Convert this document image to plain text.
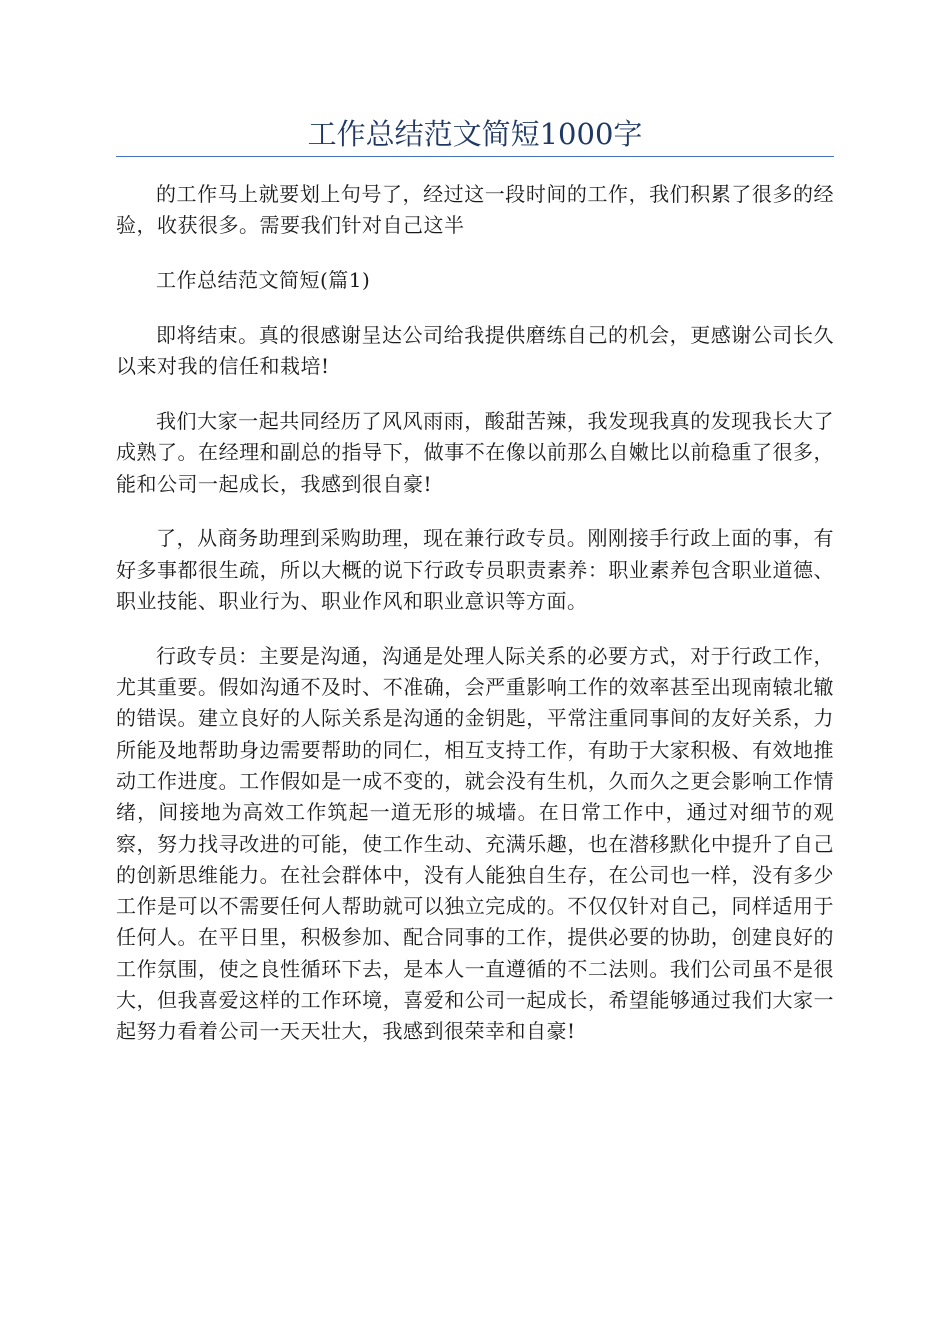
工作总结范文简短1000字

的工作马上就要划上句号了，经过这一段时间的工作，我们积累了很多的经验，收获很多。需要我们针对自己这半

工作总结范文简短(篇1)

即将结束。真的很感谢呈达公司给我提供磨练自己的机会，更感谢公司长久以来对我的信任和栽培!

我们大家一起共同经历了风风雨雨，酸甜苦辣，我发现我真的发现我长大了成熟了。在经理和副总的指导下，做事不在像以前那么自嫩比以前稳重了很多，能和公司一起成长，我感到很自豪!

了，从商务助理到采购助理，现在兼行政专员。刚刚接手行政上面的事，有好多事都很生疏，所以大概的说下行政专员职责素养：职业素养包含职业道德、职业技能、职业行为、职业作风和职业意识等方面。

行政专员：主要是沟通，沟通是处理人际关系的必要方式，对于行政工作，尤其重要。假如沟通不及时、不准确，会严重影响工作的效率甚至出现南辕北辙的错误。建立良好的人际关系是沟通的金钥匙，平常注重同事间的友好关系，力所能及地帮助身边需要帮助的同仁，相互支持工作，有助于大家积极、有效地推动工作进度。工作假如是一成不变的，就会没有生机，久而久之更会影响工作情绪，间接地为高效工作筑起一道无形的城墙。在日常工作中，通过对细节的观察，努力找寻改进的可能，使工作生动、充满乐趣，也在潜移默化中提升了自己的创新思维能力。在社会群体中，没有人能独自生存，在公司也一样，没有多少工作是可以不需要任何人帮助就可以独立完成的。不仅仅针对自己，同样适用于任何人。在平日里，积极参加、配合同事的工作，提供必要的协助，创建良好的工作氛围，使之良性循环下去，是本人一直遵循的不二法则。我们公司虽不是很大，但我喜爱这样的工作环境，喜爱和公司一起成长，希望能够通过我们大家一起努力看着公司一天天壮大，我感到很荣幸和自豪!
